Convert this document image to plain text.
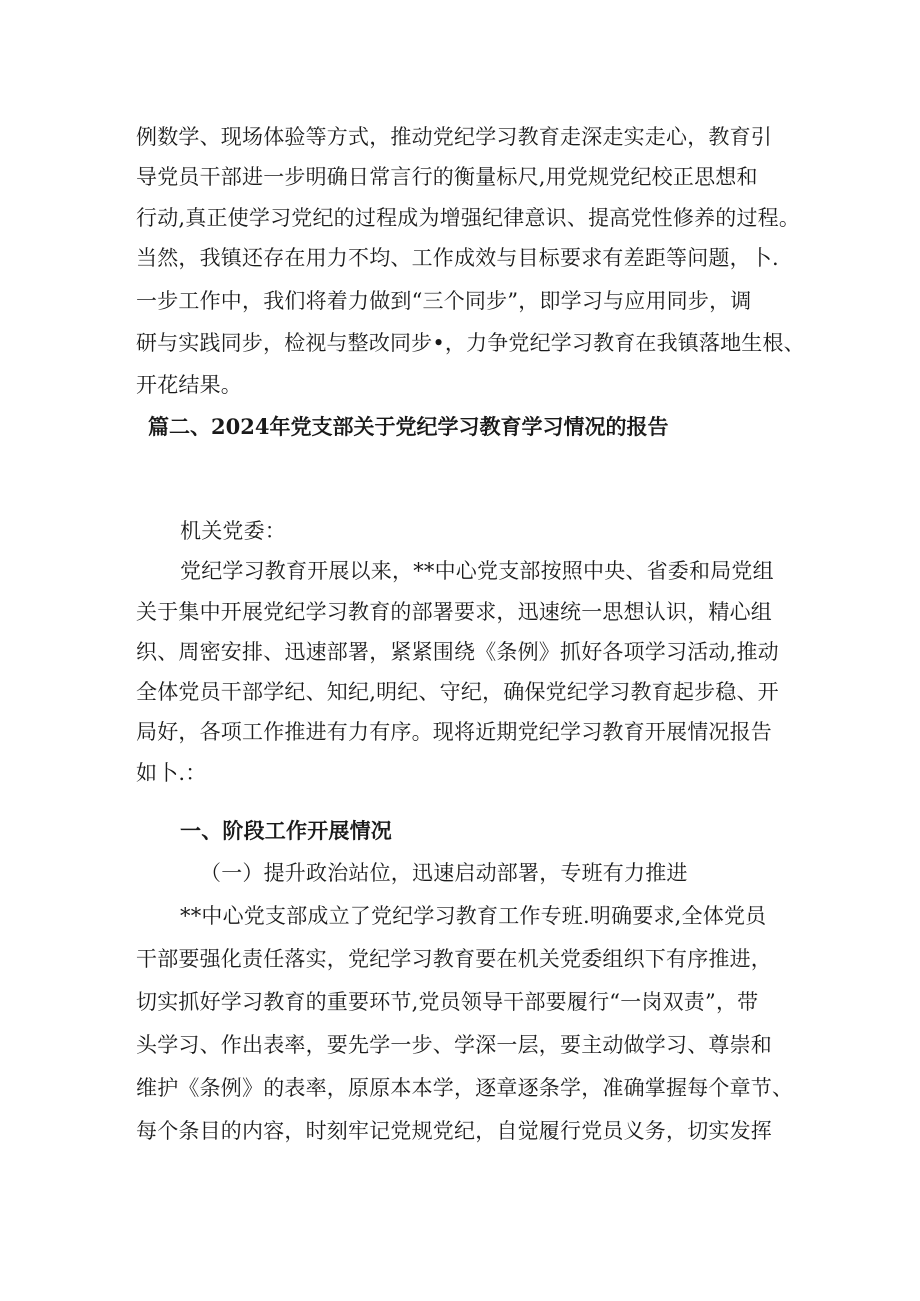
例数学、现场体验等方式，推动党纪学习教育走深走实走心，教育引
导党员干部进一步明确日常言行的衡量标尺,用党规党纪校正思想和
行动,真正使学习党纪的过程成为增强纪律意识、提高党性修养的过程。
当然，我镇还存在用力不均、工作成效与目标要求有差距等问题，卜.
一步工作中，我们将着力做到“三个同步”，即学习与应用同步，调
研与实践同步，检视与整改同步•，力争党纪学习教育在我镇落地生根、
开花结果。
篇二、2024年党支部关于党纪学习教育学习情况的报告
机关党委：
党纪学习教育开展以来，**中心党支部按照中央、省委和局党组
关于集中开展党纪学习教育的部署要求，迅速统一思想认识，精心组
织、周密安排、迅速部署，紧紧围绕《条例》抓好各项学习活动,推动
全体党员干部学纪、知纪,明纪、守纪，确保党纪学习教育起步稳、开
局好，各项工作推进有力有序。现将近期党纪学习教育开展情况报告
如卜.：
一、阶段工作开展情况
（一）提升政治站位，迅速启动部署，专班有力推进
**中心党支部成立了党纪学习教育工作专班.明确要求,全体党员
干部要强化责任落实，党纪学习教育要在机关党委组织下有序推进，
切实抓好学习教育的重要环节,党员领导干部要履行“一岗双责”，带
头学习、作出表率，要先学一步、学深一层，要主动做学习、尊崇和
维护《条例》的表率，原原本本学，逐章逐条学，准确掌握每个章节、
每个条目的内容，时刻牢记党规党纪，自觉履行党员义务，切实发挥
